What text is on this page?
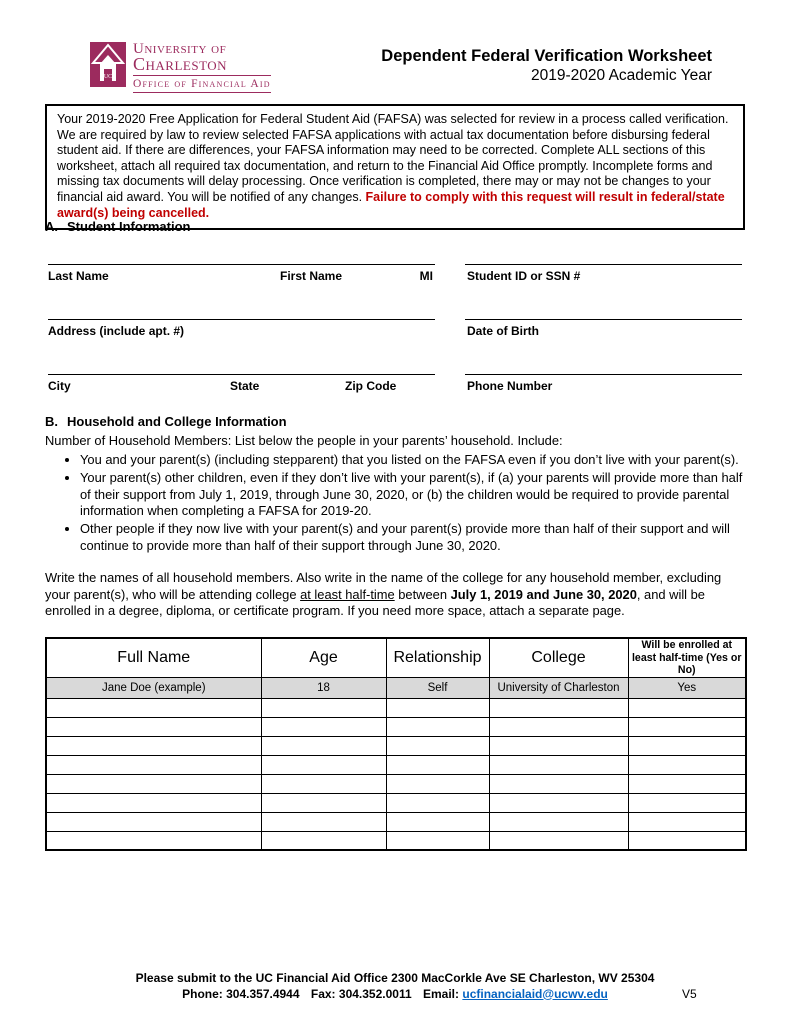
UC
University of
Charleston
Office of Financial Aid
Dependent Federal Verification Worksheet
2019-2020 Academic Year
Your 2019-2020 Free Application for Federal Student Aid (FAFSA) was selected for review in a process called verification. We are required by law to review selected FAFSA applications with actual tax documentation before disbursing federal student aid. If there are differences, your FAFSA information may need to be corrected. Complete ALL sections of this worksheet, attach all required tax documentation, and return to the Financial Aid Office promptly. Incomplete forms and missing tax documents will delay processing. Once verification is completed, there may or may not be changes to your financial aid award. You will be notified of any changes. Failure to comply with this request will result in federal/state award(s) being cancelled.
A. Student Information
Last Name	First Name	MI	Student ID or SSN #
Address (include apt. #)	Date of Birth
City	State	Zip Code	Phone Number
B. Household and College Information
Number of Household Members: List below the people in your parents’ household. Include:
• You and your parent(s) (including stepparent) that you listed on the FAFSA even if you don’t live with your parent(s).
• Your parent(s) other children, even if they don’t live with your parent(s), if (a) your parents will provide more than half of their support from July 1, 2019, through June 30, 2020, or (b) the children would be required to provide parental information when completing a FAFSA for 2019-20.
• Other people if they now live with your parent(s) and your parent(s) provide more than half of their support and will continue to provide more than half of their support through June 30, 2020.
Write the names of all household members. Also write in the name of the college for any household member, excluding your parent(s), who will be attending college at least half-time between July 1, 2019 and June 30, 2020, and will be enrolled in a degree, diploma, or certificate program. If you need more space, attach a separate page.
Full Name	Age	Relationship	College	Will be enrolled at least half-time (Yes or No)
Jane Doe (example)	18	Self	University of Charleston	Yes

Please submit to the UC Financial Aid Office 2300 MacCorkle Ave SE Charleston, WV 25304
Phone: 304.357.4944 Fax: 304.352.0011 Email: ucfinancialaid@ucwv.edu	V5
